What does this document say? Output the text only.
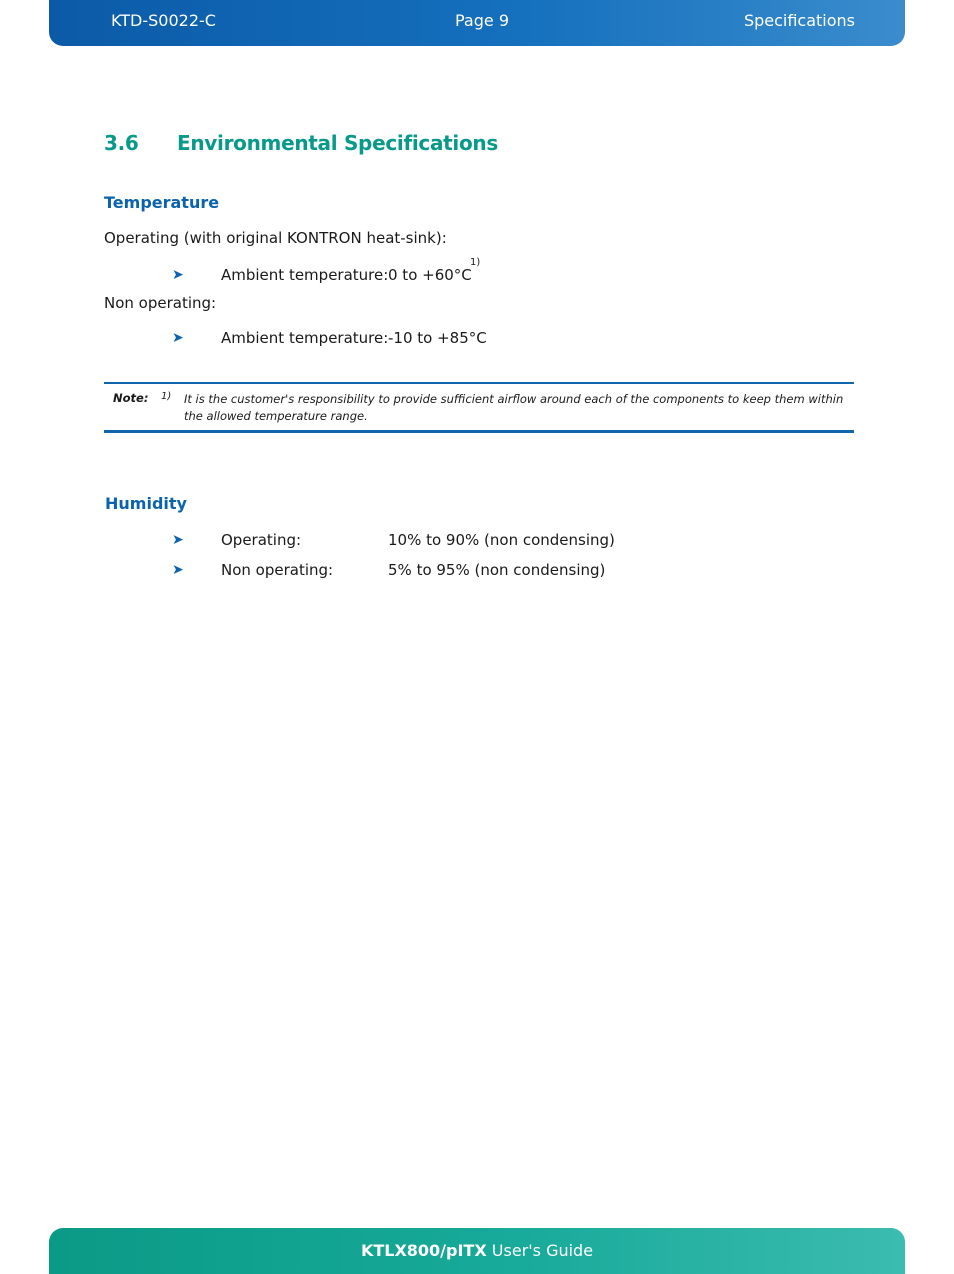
KTD-S0022-C	Page 9	Specifications
3.6 Environmental Specifications
Temperature
Operating (with original KONTRON heat-sink):
➤ Ambient temperature: 0 to +60°C
1)
Non operating:
➤ Ambient temperature: -10 to +85°C
Note: 1) It is the customer's responsibility to provide sufficient airflow around each of the components to keep them within the allowed temperature range.
Humidity
➤ Operating:	10% to 90% (non condensing)
➤ Non operating:	5% to 95% (non condensing)
KTLX800/pITX User's Guide
